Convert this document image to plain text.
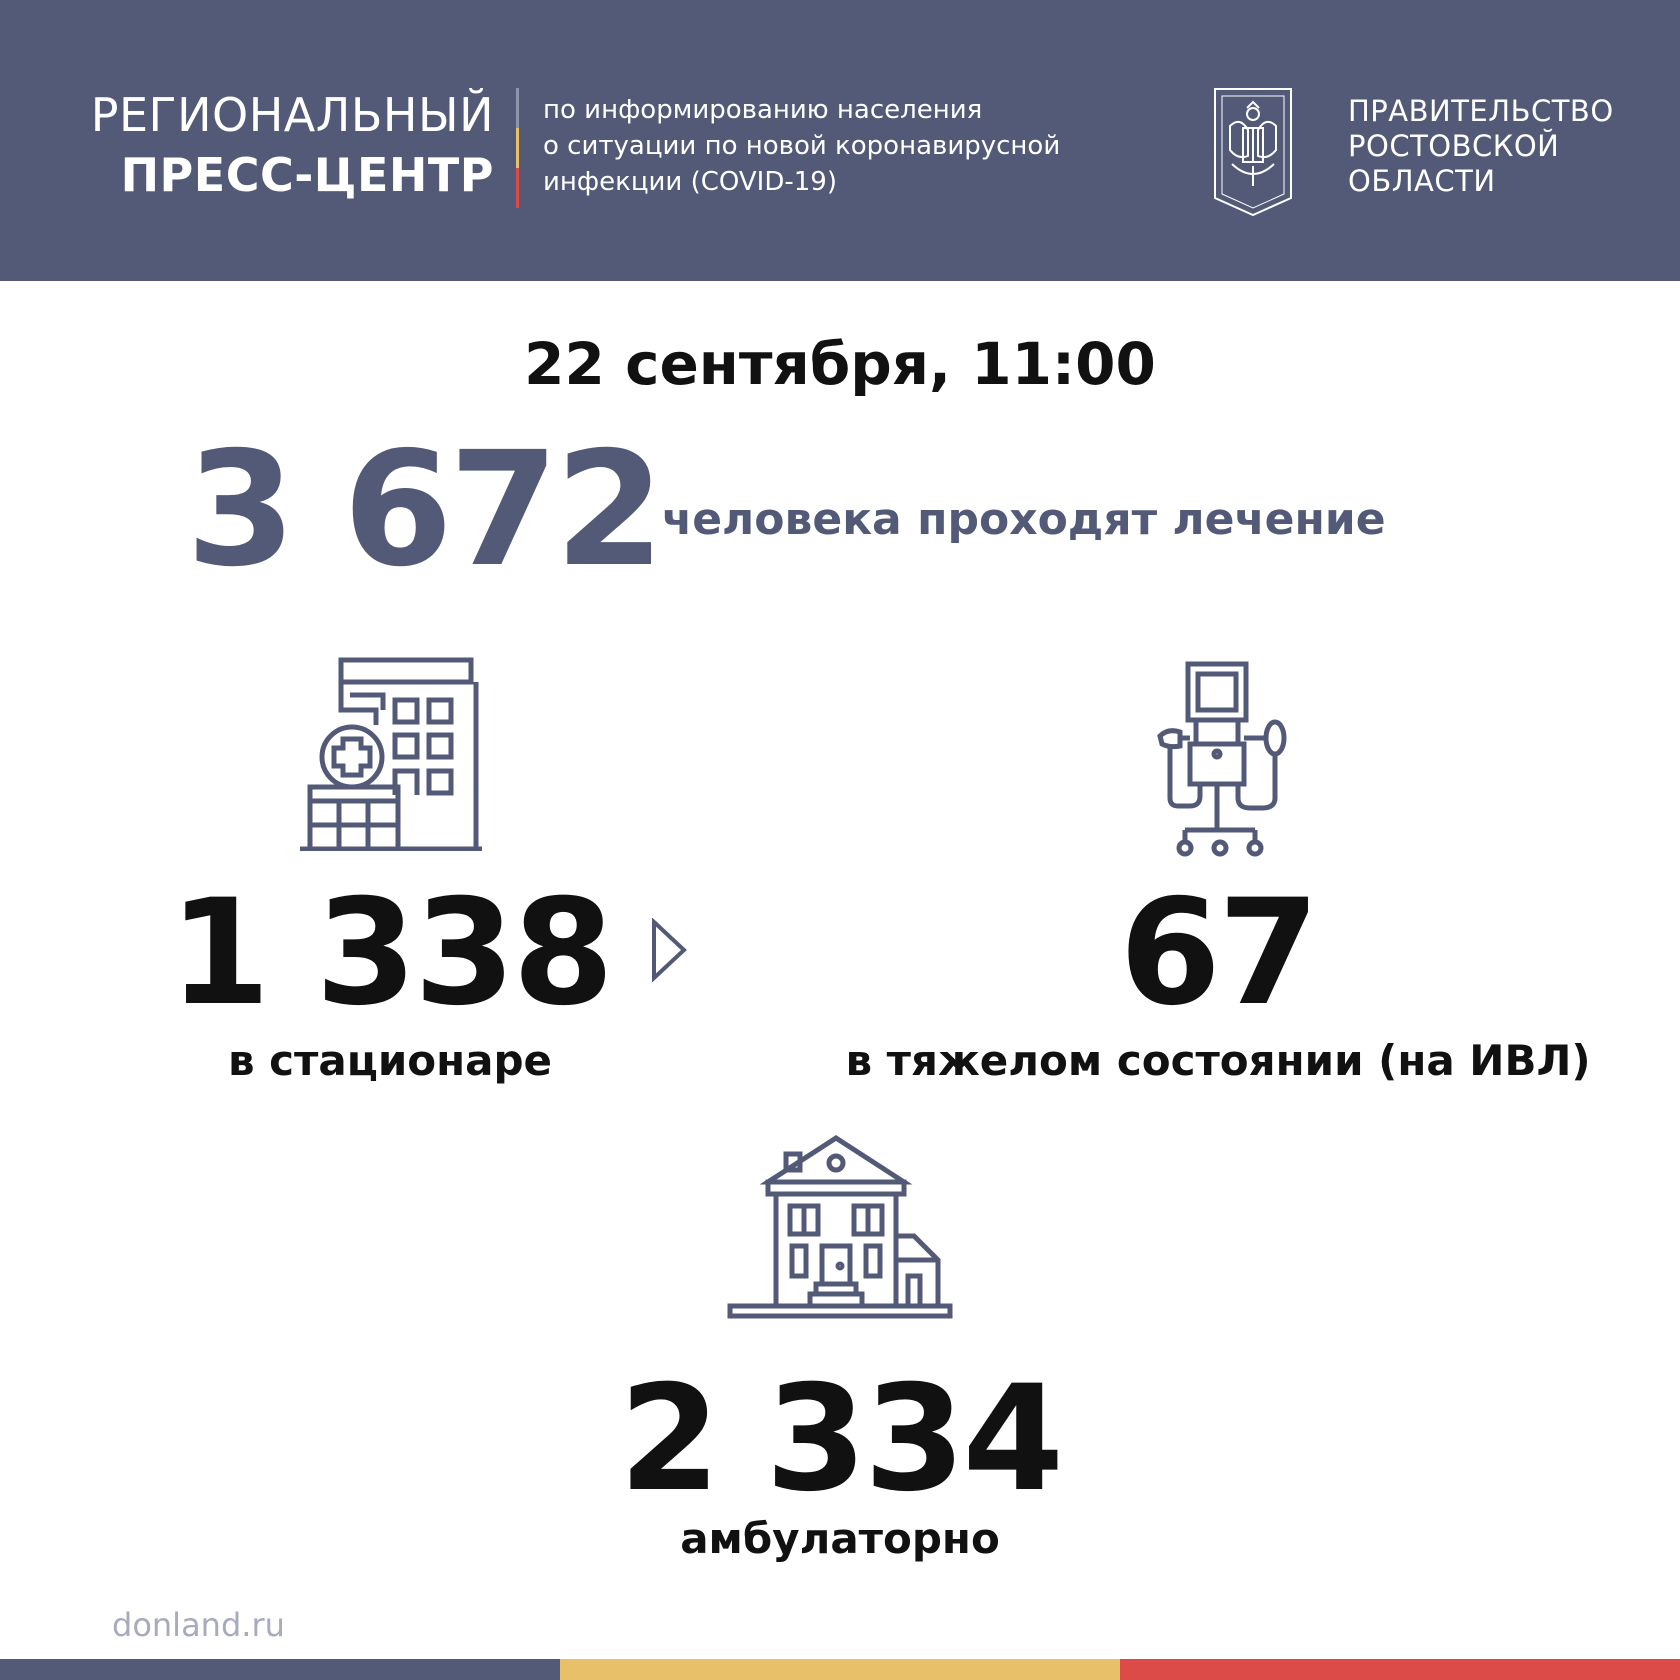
РЕГИОНАЛЬНЫЙ
ПРЕСС-ЦЕНТР
по информированию населения
о ситуации по новой коронавирусной
инфекции (COVID-19)
ПРАВИТЕЛЬСТВО
РОСТОВСКОЙ
ОБЛАСТИ
22 сентября, 11:00
3 672 человека проходят лечение
1 338
в стационаре
67
в тяжелом состоянии (на ИВЛ)
2 334
амбулаторно
donland.ru
